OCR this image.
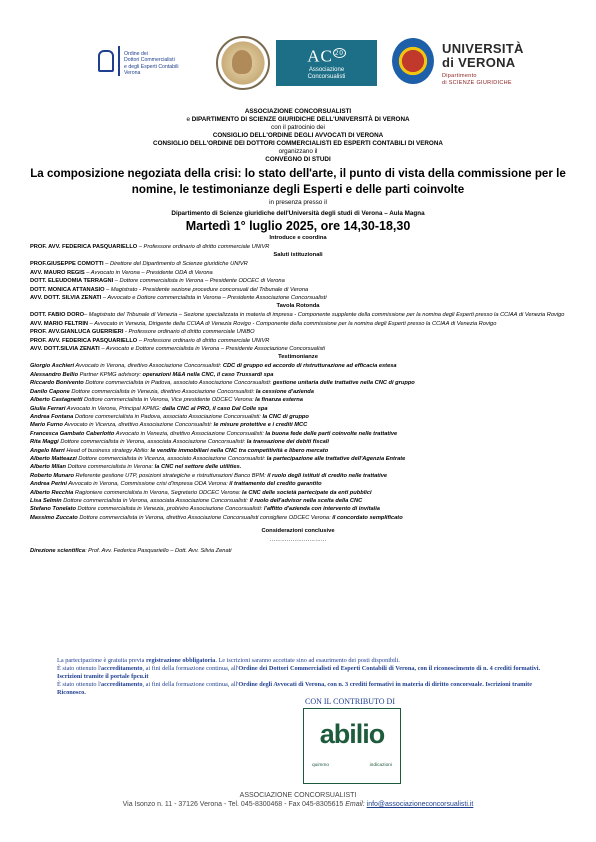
Ordine dei
Dottori Commercialisti
e degli Esperti Contabili
Verona
AC $^{20}$
Associazione
Concorsualisti
UNIVERSITÀ
di VERONA
Dipartimento
di SCIENZE GIURIDICHE
ASSOCIAZIONE CONCORSUALISTI
e DIPARTIMENTO DI SCIENZE GIURIDICHE DELL'UNIVERSITÀ DI VERONA
con il patrocinio dei
CONSIGLIO DELL'ORDINE DEGLI AVVOCATI DI VERONA
CONSIGLIO DELL'ORDINE DEI DOTTORI COMMERCIALISTI ED ESPERTI CONTABILI DI VERONA
organizzano il
CONVEGNO DI STUDI
La composizione negoziata della crisi: lo stato dell'arte, il punto di vista della commissione per le nomine, le testimonianze degli Esperti e delle parti coinvolte
in presenza presso il
Dipartimento di Scienze giuridiche dell'Università degli studi di Verona – Aula Magna
Martedì 1° luglio 2025, ore 14,30-18,30
Introduce e coordina
PROF. AVV. FEDERICA PASQUARIELLO – Professore ordinario di diritto commerciale UNIVR
Saluti istituzionali
PROF.GIUSEPPE COMOTTI – Direttore del Dipartimento di Scienze giuridiche UNIVR
AVV. MAURO REGIS – Avvocato in Verona – Presidente ODA di Verona
DOTT. ELEUDOMIA TERRAGNI – Dottore commercialista in Verona – Presidente ODCEC di Verona
DOTT. MONICA ATTANASIO – Magistrato - Presidente sezione procedure concorsuali del Tribunale di Verona
AVV. DOTT. SILVIA ZENATI – Avvocato e Dottore commercialista in Verona – Presidente Associazione Concorsualisti
Tavola Rotonda
DOTT. FABIO DORO– Magistrato del Tribunale di Venezia – Sezione specializzata in materia di impresa - Componente supplente della commissione per la nomina degli Esperti presso la CCIAA di Venezia Rovigo
AVV. MARIO FELTRIN – Avvocato in Venezia, Dirigente della CCIAA di Venezia Rovigo - Componente della commissione per la nomina degli Esperti presso la CCIAA di Venezia Rovigo
PROF. AVV.GIANLUCA GUERRIERI - Professore ordinario di diritto commerciale UNIBO
PROF. AVV. FEDERICA PASQUARIELLO – Professore ordinario di diritto commerciale UNIVR
AVV. DOTT.SILVIA ZENATI – Avvocato e Dottore commercialista in Verona – Presidente Associazione Concorsualisti
Testimonianze
Giorgio Aschieri Avvocato in Verona, direttivo Associazione Concorsualisti: CDC di gruppo ed accordo di ristrutturazione ad efficacia estesa
Alessandro Bellio Partner KPMG advisory: operazioni M&A nella CNC, il caso Trussardi spa
Riccardo Bonivento Dottore commercialista in Padova, associato Associazione Concorsualisti: gestione unitaria delle trattative nella CNC di gruppo
Danilo Capone Dottore commercialista in Venezia, direttivo Associazione Concorsualisti: la cessione d'azienda
Alberto Castagnetti Dottore commercialista in Verona, Vice presidente ODCEC Verona: la finanza esterna
Giulia Ferrari Avvocato in Verona, Principal KPMG: dalla CNC al PRO, il caso Dal Colle spa
Andrea Fontana Dottore commercialista in Padova, associato Associazione Concorsualisti: la CNC di gruppo
Mario Furno Avvocato in Vicenza, direttivo Associazione Concorsualisti: le misure protettive e i crediti MCC
Francesca Gambato Caberlotto Avvocato in Venezia, direttivo Associazione Concorsualisti: la buona fede delle parti coinvolte nelle trattative
Rita Maggi Dottore commercialista in Verona, associata Associazione Concorsualisti: la transazione dei debiti fiscali
Angelo Marri Head of business strategy Abilio: le vendite immobiliari nella CNC tra competitività e libero mercato
Alberto Matteazzi Dottore commercialista in Vicenza, associato Associazione Concorsualisti: la partecipazione alle trattative dell'Agenzia Entrate
Alberto Milan Dottore commercialista in Verona: la CNC nel settore delle utilities.
Roberto Munaro Referente gestione UTP, posizioni strategiche e ristrutturazioni Banco BPM: il ruolo degli istituti di credito nelle trattative
Andrea Perini Avvocato in Verona, Commissione crisi d'impresa ODA Verona: il trattamento del credito garantito
Alberto Recchia Ragioniere commercialista in Verona, Segretario ODCEC Verona: la CNC delle società partecipate da enti pubblici
Lisa Selmin Dottore commercialista in Verona, associata Associazione Concorsualisti: il ruolo dell'advisor nella scelta della CNC
Stefano Tonelato Dottore commercialista in Venezia, probiviro Associazione Concorsualisti: l'affitto d'azienda con intervento di invitalia
Massimo Zuccato Dottore commercialista in Verona, direttivo Associazione Concorsualisti consigliere ODCEC Verona: il concordato semplificato
Considerazioni conclusive
…………………………
Direzione scientifica: Prof. Avv. Federica Pasquariello – Dott. Avv. Silvia Zenati
La partecipazione è gratuita previa registrazione obbligatoria. Le iscrizioni saranno accettate sino ad esaurimento dei posti disponibili.
È stato ottenuto l'accreditamento, ai fini della formazione continua, all'Ordine dei Dottori Commercialisti ed Esperti Contabili di Verona, con il riconoscimento di n. 4 crediti formativi. Iscrizioni tramite il portale fpcu.it
È stato ottenuto l'accreditamento, ai fini della formazione continua, all'Ordine degli Avvocati di Verona, con n. 3 crediti formativi in materia di diritto concorsuale. Iscrizioni tramite Riconosco.
CON IL CONTRIBUTO DI
abilio
quimmo	indicazioni
ASSOCIAZIONE CONCORSUALISTI
Via Isonzo n. 11 - 37126 Verona - Tel. 045-8300468 - Fax 045-8305615 Email: info@associazioneconcorsualisti.it
